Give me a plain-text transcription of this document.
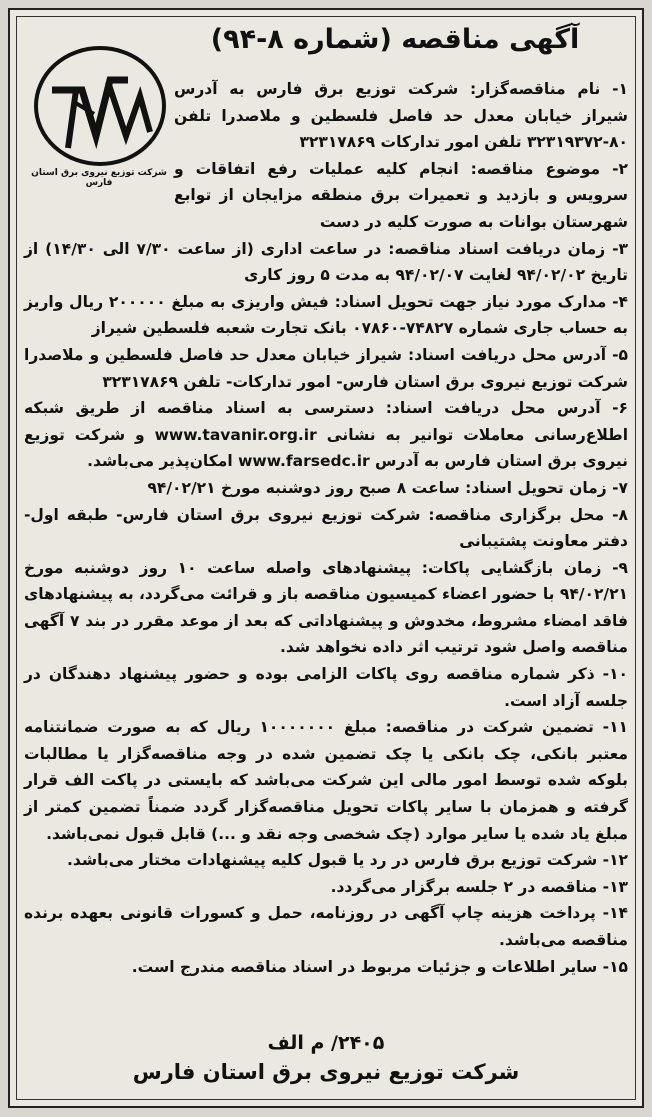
آگهی مناقصه (شماره ۸-۹۴)
شرکت توزیع نیروی برق استان فارس

۱- نام مناقصه‌گزار: شرکت توزیع برق فارس به آدرس شیراز خیابان معدل حد فاصل فلسطین و ملاصدرا تلفن ۸۰-۳۲۳۱۹۳۷۲ تلفن امور تدارکات ۳۲۳۱۷۸۶۹

۲- موضوع مناقصه: انجام کلیه عملیات رفع اتفاقات و سرویس و بازدید و تعمیرات برق منطقه مزایجان از توابع شهرستان بوانات به صورت کلیه در دست

۳- زمان دریافت اسناد مناقصه: در ساعت اداری (از ساعت ۷/۳۰ الی ۱۴/۳۰) از تاریخ ۹۴/۰۲/۰۲ لغایت ۹۴/۰۲/۰۷ به مدت ۵ روز کاری

۴- مدارک مورد نیاز جهت تحویل اسناد: فیش واریزی به مبلغ ۲۰۰۰۰۰ ریال واریز به حساب جاری شماره ۷۴۸۲۷-۰۷۸۶۰ بانک تجارت شعبه فلسطین شیراز

۵- آدرس محل دریافت اسناد: شیراز خیابان معدل حد فاصل فلسطین و ملاصدرا شرکت توزیع نیروی برق استان فارس- امور تدارکات- تلفن ۳۲۳۱۷۸۶۹

۶- آدرس محل دریافت اسناد: دسترسی به اسناد مناقصه از طریق شبکه اطلاع‌رسانی معاملات توانیر به نشانی www.tavanir.org.ir و شرکت توزیع نیروی برق استان فارس به آدرس www.farsedc.ir امکان‌پذیر می‌باشد.

۷- زمان تحویل اسناد: ساعت ۸ صبح روز دوشنبه مورخ ۹۴/۰۲/۲۱

۸- محل برگزاری مناقصه: شرکت توزیع نیروی برق استان فارس- طبقه اول- دفتر معاونت پشتیبانی

۹- زمان بازگشایی پاکات: پیشنهادهای واصله ساعت ۱۰ روز دوشنبه مورخ ۹۴/۰۲/۲۱ با حضور اعضاء کمیسیون مناقصه باز و قرائت می‌گردد، به پیشنهادهای فاقد امضاء مشروط، مخدوش و پیشنهاداتی که بعد از موعد مقرر در بند ۷ آگهی مناقصه واصل شود ترتیب اثر داده نخواهد شد.

۱۰- ذکر شماره مناقصه روی پاکات الزامی بوده و حضور پیشنهاد دهندگان در جلسه آزاد است.

۱۱- تضمین شرکت در مناقصه: مبلغ ۱۰۰۰۰۰۰۰ ریال که به صورت ضمانتنامه معتبر بانکی، چک بانکی یا چک تضمین شده در وجه مناقصه‌گزار یا مطالبات بلوکه شده توسط امور مالی این شرکت می‌باشد که بایستی در پاکت الف قرار گرفته و همزمان با سایر پاکات تحویل مناقصه‌گزار گردد ضمناً تضمین کمتر از مبلغ یاد شده یا سایر موارد (چک شخصی وجه نقد و ...) قابل قبول نمی‌باشد.

۱۲- شرکت توزیع برق فارس در رد یا قبول کلیه پیشنهادات مختار می‌باشد.

۱۳- مناقصه در ۲ جلسه برگزار می‌گردد.

۱۴- پرداخت هزینه چاپ آگهی در روزنامه، حمل و کسورات قانونی بعهده برنده مناقصه می‌باشد.

۱۵- سایر اطلاعات و جزئیات مربوط در اسناد مناقصه مندرج است.

۲۴۰۵/ م الف
شرکت توزیع نیروی برق استان فارس
